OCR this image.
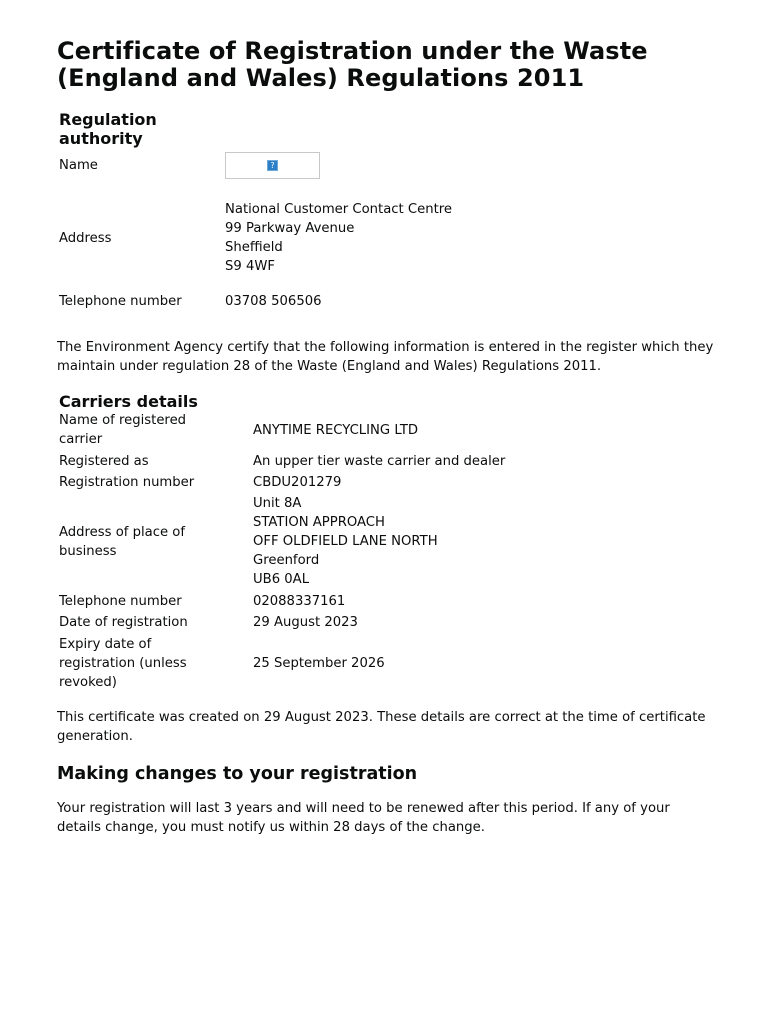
Certificate of Registration under the Waste (England and Wales) Regulations 2011
Regulation authority
Name	?

Address	National Customer Contact Centre
99 Parkway Avenue
Sheffield
S9 4WF

Telephone number	03708 506506

The Environment Agency certify that the following information is entered in the register which they maintain under regulation 28 of the Waste (England and Wales) Regulations 2011.

Carriers details
Name of registered carrier	ANYTIME RECYCLING LTD

Registered as	An upper tier waste carrier and dealer

Registration number	CBDU201279

Address of place of business	Unit 8A
STATION APPROACH
OFF OLDFIELD LANE NORTH
Greenford
UB6 0AL

Telephone number	02088337161

Date of registration	29 August 2023

Expiry date of registration (unless revoked)	25 September 2026

This certificate was created on 29 August 2023. These details are correct at the time of certificate generation.

Making changes to your registration

Your registration will last 3 years and will need to be renewed after this period. If any of your details change, you must notify us within 28 days of the change.
